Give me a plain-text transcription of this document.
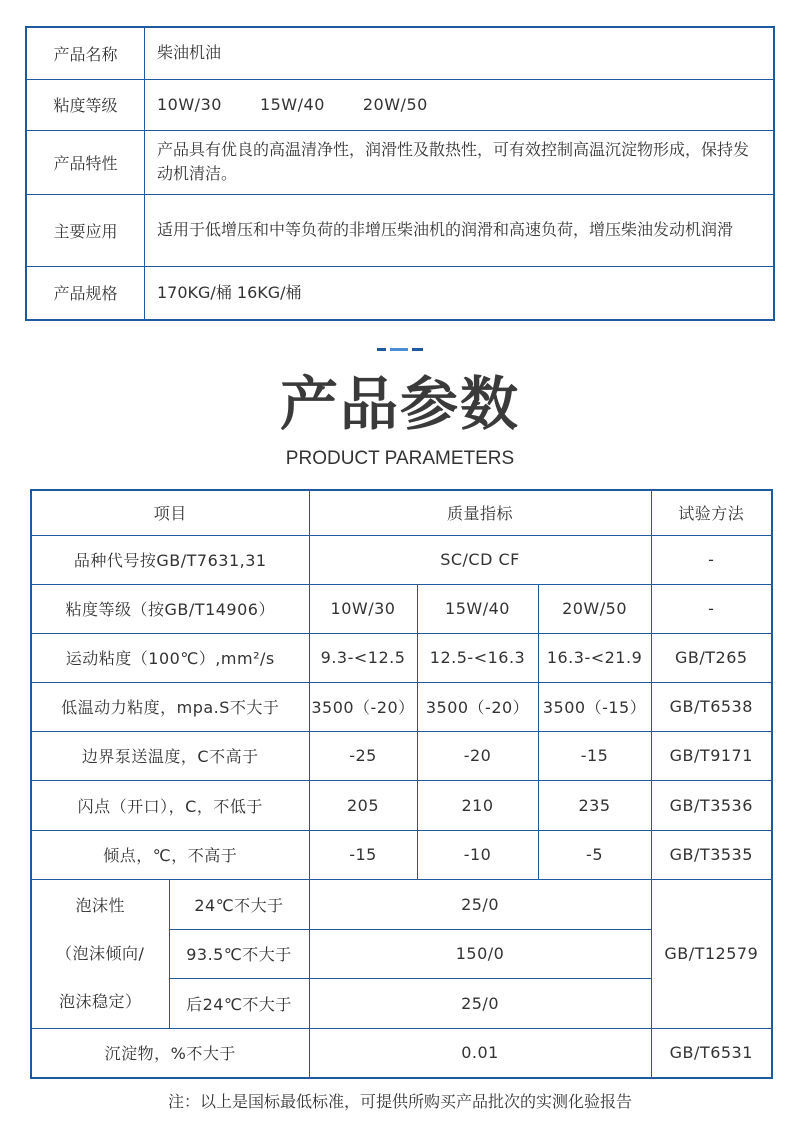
产品名称	柴油机油
粘度等级	10W/30 15W/40 20W/50
产品特性	产品具有优良的高温清净性，润滑性及散热性，可有效控制高温沉淀物形成，保持发动机清洁。
主要应用	适用于低增压和中等负荷的非增压柴油机的润滑和高速负荷，增压柴油发动机润滑
产品规格	170KG/桶 16KG/桶
产品参数
PRODUCT PARAMETERS
项目		质量指标			试验方法
品种代号按GB/T7631,31		SC/CD CF			-
粘度等级（按GB/T14906）		10W/30	15W/40	20W/50	-
运动粘度（100℃）,mm²/s		9.3-<12.5	12.5-<16.3	16.3-<21.9	GB/T265
低温动力粘度，mpa.S不大于		3500（-20）	3500（-20）	3500（-15）	GB/T6538
边界泵送温度，C不高于		-25	-20	-15	GB/T9171
闪点（开口），C，不低于		205	210	235	GB/T3536
倾点，℃，不高于		-15	-10	-5	GB/T3535

泡沫性
（泡沫倾向/
泡沫稳定）	24℃不大于	25/0			GB/T12579
	93.5℃不大于	150/0			
	后24℃不大于	25/0			
沉淀物，%不大于		0.01			GB/T6531
注：以上是国标最低标准，可提供所购买产品批次的实测化验报告
